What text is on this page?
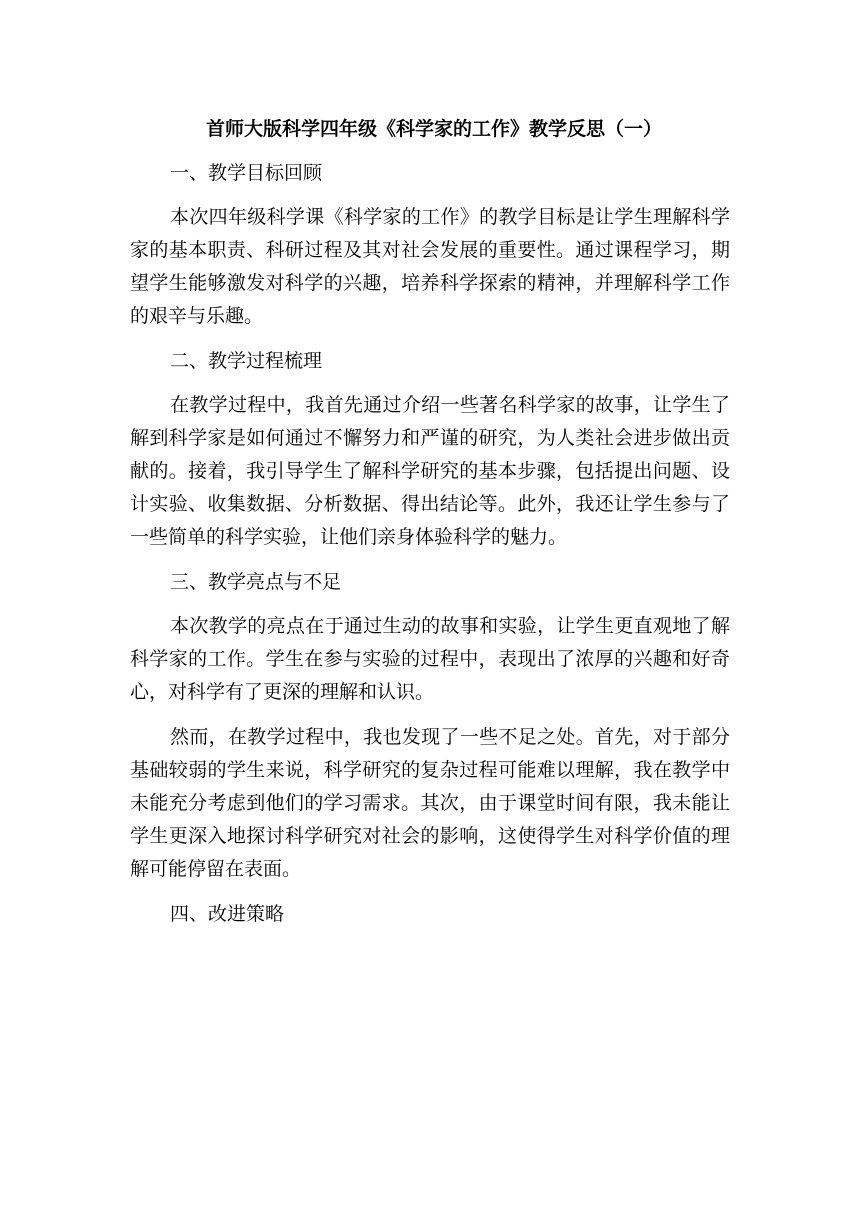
首师大版科学四年级《科学家的工作》教学反思（一）
一、教学目标回顾
本次四年级科学课《科学家的工作》的教学目标是让学生理解科学家的基本职责、科研过程及其对社会发展的重要性。通过课程学习，期望学生能够激发对科学的兴趣，培养科学探索的精神，并理解科学工作的艰辛与乐趣。
二、教学过程梳理
在教学过程中，我首先通过介绍一些著名科学家的故事，让学生了解到科学家是如何通过不懈努力和严谨的研究，为人类社会进步做出贡献的。接着，我引导学生了解科学研究的基本步骤，包括提出问题、设计实验、收集数据、分析数据、得出结论等。此外，我还让学生参与了一些简单的科学实验，让他们亲身体验科学的魅力。
三、教学亮点与不足
本次教学的亮点在于通过生动的故事和实验，让学生更直观地了解科学家的工作。学生在参与实验的过程中，表现出了浓厚的兴趣和好奇心，对科学有了更深的理解和认识。
然而，在教学过程中，我也发现了一些不足之处。首先，对于部分基础较弱的学生来说，科学研究的复杂过程可能难以理解，我在教学中未能充分考虑到他们的学习需求。其次，由于课堂时间有限，我未能让学生更深入地探讨科学研究对社会的影响，这使得学生对科学价值的理解可能停留在表面。
四、改进策略
